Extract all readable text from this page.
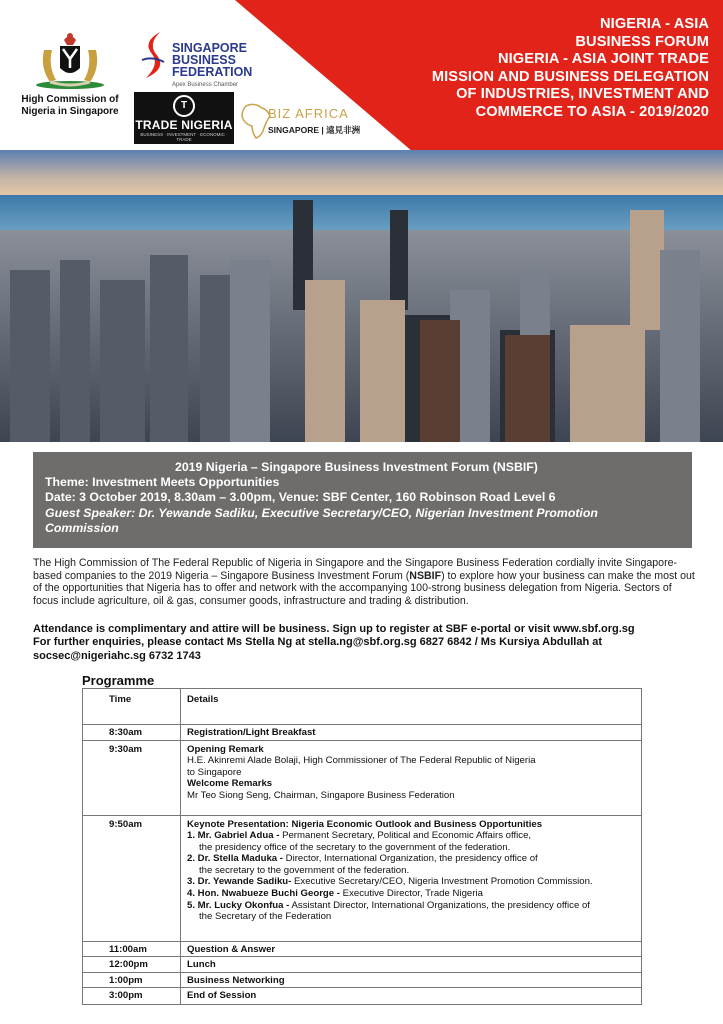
NIGERIA - ASIA
BUSINESS FORUM
NIGERIA - ASIA JOINT TRADE
MISSION AND BUSINESS DELEGATION
OF INDUSTRIES, INVESTMENT AND
COMMERCE TO ASIA - 2019/2020
High Commission of
Nigeria in Singapore
SINGAPORE
BUSINESS
FEDERATION
Apex Business Chamber
T
TRADE NIGERIA
BUSINESS · INVESTMENT · ECONOMIC · TRADE
BIZ AFRICA
SINGAPORE | 遠見非洲
2019 Nigeria – Singapore Business Investment Forum (NSBIF)
Theme: Investment Meets Opportunities
Date: 3 October 2019, 8.30am – 3.00pm, Venue: SBF Center, 160 Robinson Road Level 6
Guest Speaker: Dr. Yewande Sadiku, Executive Secretary/CEO, Nigerian Investment Promotion
Commission
The High Commission of The Federal Republic of Nigeria in Singapore and the Singapore Business Federation cordially invite Singapore-based companies to the 2019 Nigeria – Singapore Business Investment Forum (NSBIF) to explore how your business can make the most out of the opportunities that Nigeria has to offer and network with the accompanying 100-strong business delegation from Nigeria. Sectors of focus include agriculture, oil & gas, consumer goods, infrastructure and trading & distribution.
Attendance is complimentary and attire will be business. Sign up to register at SBF e-portal or visit www.sbf.org.sg
For further enquiries, please contact Ms Stella Ng at stella.ng@sbf.org.sg 6827 6842 / Ms Kursiya Abdullah at
socsec@nigeriahc.sg 6732 1743
Programme
Time	Details
8:30am	Registration/Light Breakfast
9:30am	Opening Remark
H.E. Akinremi Alade Bolaji, High Commissioner of The Federal Republic of Nigeria
to Singapore
Welcome Remarks
Mr Teo Siong Seng, Chairman, Singapore Business Federation
9:50am	Keynote Presentation: Nigeria Economic Outlook and Business Opportunities
1. Mr. Gabriel Adua - Permanent Secretary, Political and Economic Affairs office,
the presidency office of the secretary to the government of the federation.
2. Dr. Stella Maduka - Director, International Organization, the presidency office of
the secretary to the government of the federation.
3. Dr. Yewande Sadiku- Executive Secretary/CEO, Nigeria Investment Promotion Commission.
4. Hon. Nwabueze Buchi George - Executive Director, Trade Nigeria
5. Mr. Lucky Okonfua - Assistant Director, International Organizations, the presidency office of
the Secretary of the Federation
11:00am	Question & Answer
12:00pm	Lunch
1:00pm	Business Networking
3:00pm	End of Session
